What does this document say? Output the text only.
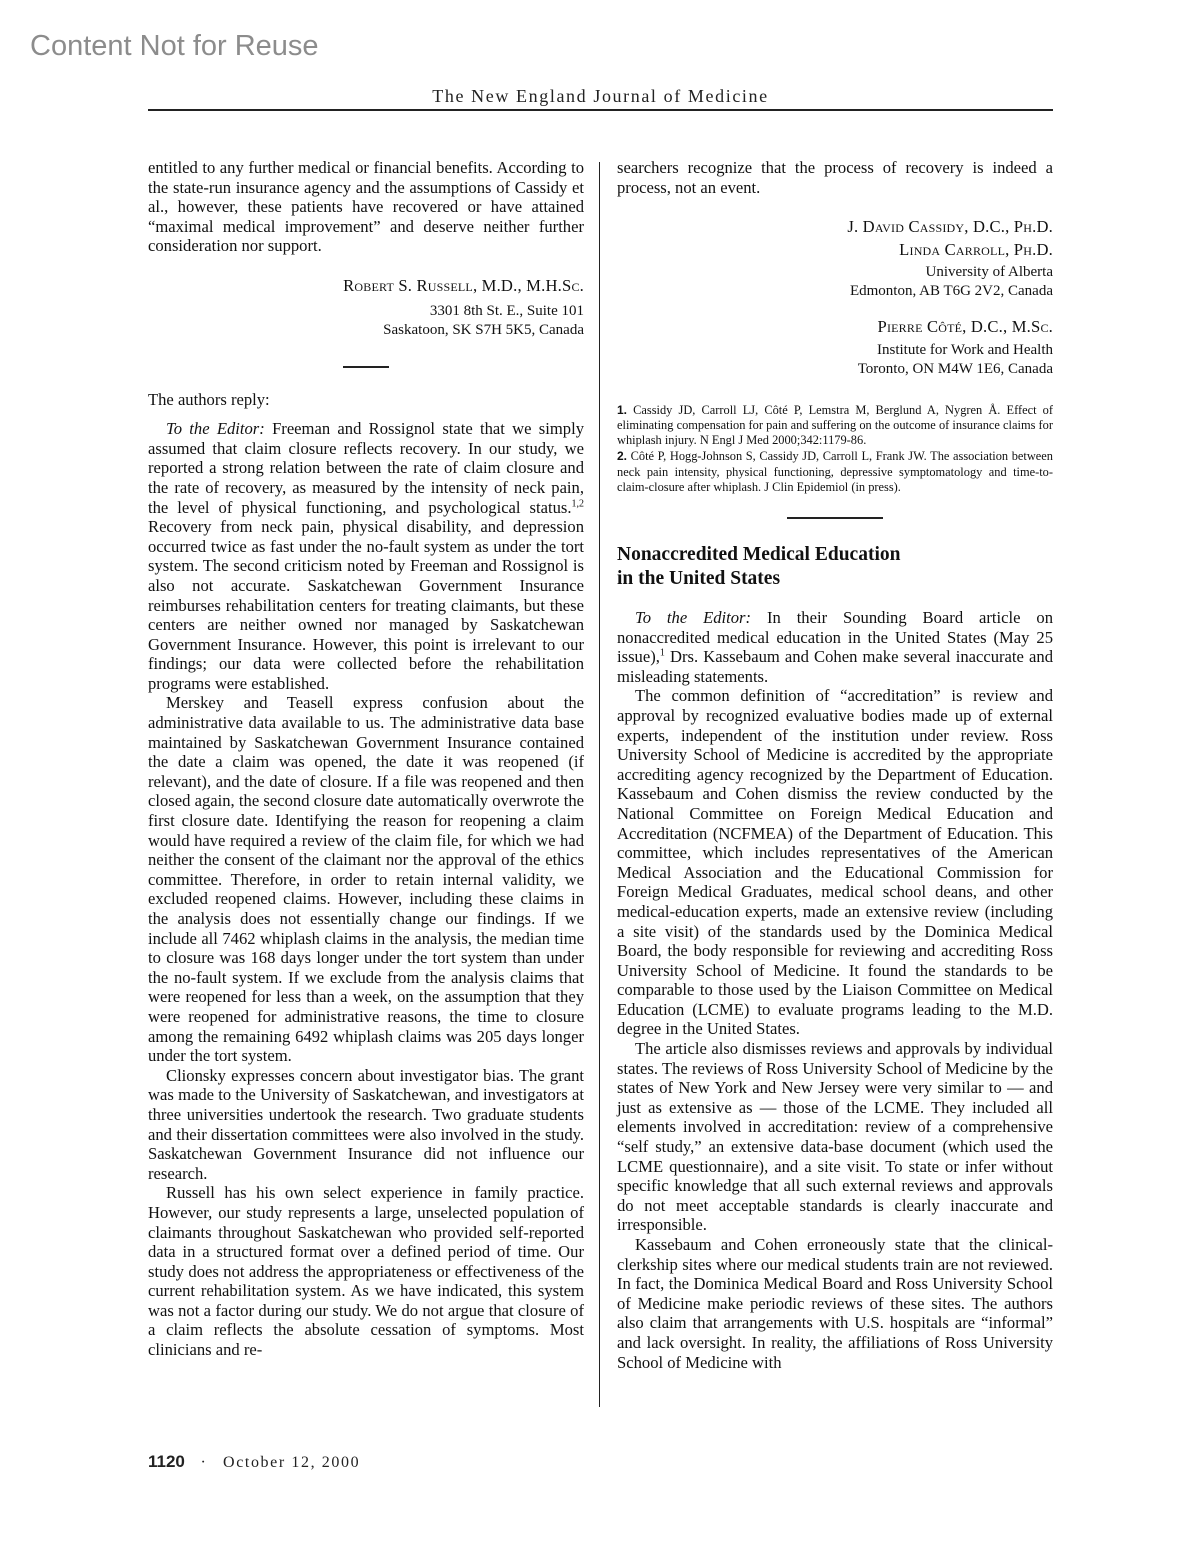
Content Not for Reuse
The New England Journal of Medicine

entitled to any further medical or financial benefits. According to the state-run insurance agency and the assumptions of Cassidy et al., however, these patients have recovered or have attained “maximal medical improvement” and deserve neither further consideration nor support.

Robert S. Russell, M.D., M.H.Sc.
3301 8th St. E., Suite 101
Saskatoon, SK S7H 5K5, Canada

The authors reply:

To the Editor: Freeman and Rossignol state that we simply assumed that claim closure reflects recovery. In our study, we reported a strong relation between the rate of claim closure and the rate of recovery, as measured by the intensity of neck pain, the level of physical functioning, and psychological status.$^{1,2}$ Recovery from neck pain, physical disability, and depression occurred twice as fast under the no-fault system as under the tort system. The second criticism noted by Freeman and Rossignol is also not accurate. Saskatchewan Government Insurance reimburses rehabilitation centers for treating claimants, but these centers are neither owned nor managed by Saskatchewan Government Insurance. However, this point is irrelevant to our findings; our data were collected before the rehabilitation programs were established.

Merskey and Teasell express confusion about the administrative data available to us. The administrative data base maintained by Saskatchewan Government Insurance contained the date a claim was opened, the date it was reopened (if relevant), and the date of closure. If a file was reopened and then closed again, the second closure date automatically overwrote the first closure date. Identifying the reason for reopening a claim would have required a review of the claim file, for which we had neither the consent of the claimant nor the approval of the ethics committee. Therefore, in order to retain internal validity, we excluded reopened claims. However, including these claims in the analysis does not essentially change our findings. If we include all 7462 whiplash claims in the analysis, the median time to closure was 168 days longer under the tort system than under the no-fault system. If we exclude from the analysis claims that were reopened for less than a week, on the assumption that they were reopened for administrative reasons, the time to closure among the remaining 6492 whiplash claims was 205 days longer under the tort system.

Clionsky expresses concern about investigator bias. The grant was made to the University of Saskatchewan, and investigators at three universities undertook the research. Two graduate students and their dissertation committees were also involved in the study. Saskatchewan Government Insurance did not influence our research.

Russell has his own select experience in family practice. However, our study represents a large, unselected population of claimants throughout Saskatchewan who provided self-reported data in a structured format over a defined period of time. Our study does not address the appropriateness or effectiveness of the current rehabilitation system. As we have indicated, this system was not a factor during our study. We do not argue that closure of a claim reflects the absolute cessation of symptoms. Most clinicians and re-

searchers recognize that the process of recovery is indeed a process, not an event.

J. David Cassidy, D.C., Ph.D.
Linda Carroll, Ph.D.
University of Alberta
Edmonton, AB T6G 2V2, Canada
Pierre Côté, D.C., M.Sc.
Institute for Work and Health
Toronto, ON M4W 1E6, Canada
1. Cassidy JD, Carroll LJ, Côté P, Lemstra M, Berglund A, Nygren Å. Effect of eliminating compensation for pain and suffering on the outcome of insurance claims for whiplash injury. N Engl J Med 2000;342:1179-86.
2. Côté P, Hogg-Johnson S, Cassidy JD, Carroll L, Frank JW. The association between neck pain intensity, physical functioning, depressive symptomatology and time-to-claim-closure after whiplash. J Clin Epidemiol (in press).
Nonaccredited Medical Education
in the United States

To the Editor: In their Sounding Board article on nonaccredited medical education in the United States (May 25 issue),$^1$ Drs. Kassebaum and Cohen make several inaccurate and misleading statements.

The common definition of “accreditation” is review and approval by recognized evaluative bodies made up of external experts, independent of the institution under review. Ross University School of Medicine is accredited by the appropriate accrediting agency recognized by the Department of Education. Kassebaum and Cohen dismiss the review conducted by the National Committee on Foreign Medical Education and Accreditation (NCFMEA) of the Department of Education. This committee, which includes representatives of the American Medical Association and the Educational Commission for Foreign Medical Graduates, medical school deans, and other medical-education experts, made an extensive review (including a site visit) of the standards used by the Dominica Medical Board, the body responsible for reviewing and accrediting Ross University School of Medicine. It found the standards to be comparable to those used by the Liaison Committee on Medical Education (LCME) to evaluate programs leading to the M.D. degree in the United States.

The article also dismisses reviews and approvals by individual states. The reviews of Ross University School of Medicine by the states of New York and New Jersey were very similar to — and just as extensive as — those of the LCME. They included all elements involved in accreditation: review of a comprehensive “self study,” an extensive data-base document (which used the LCME questionnaire), and a site visit. To state or infer without specific knowledge that all such external reviews and approvals do not meet acceptable standards is clearly inaccurate and irresponsible.

Kassebaum and Cohen erroneously state that the clinical-clerkship sites where our medical students train are not reviewed. In fact, the Dominica Medical Board and Ross University School of Medicine make periodic reviews of these sites. The authors also claim that arrangements with U.S. hospitals are “informal” and lack oversight. In reality, the affiliations of Ross University School of Medicine with

1120 · October 12, 2000
